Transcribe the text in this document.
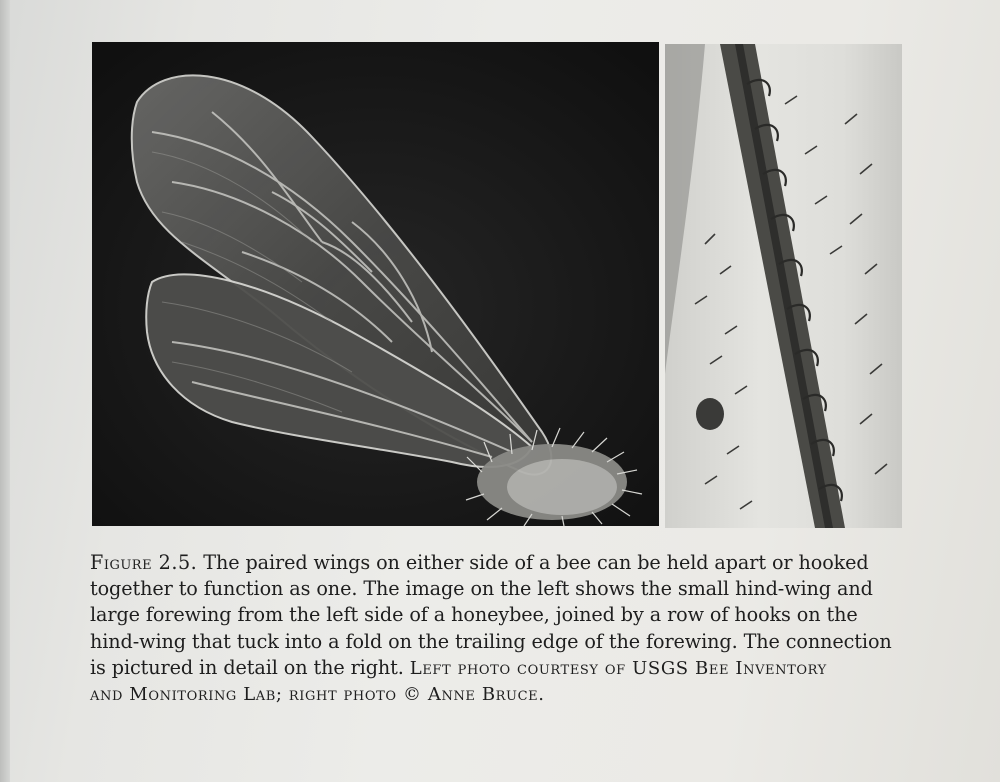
Figure 2.5. The paired wings on either side of a bee can be held apart or hooked
together to function as one. The image on the left shows the small hind-wing and
large forewing from the left side of a honeybee, joined by a row of hooks on the
hind-wing that tuck into a fold on the trailing edge of the forewing. The connection
is pictured in detail on the right. Left photo courtesy of USGS Bee Inventory
and Monitoring Lab; right photo © Anne Bruce.
